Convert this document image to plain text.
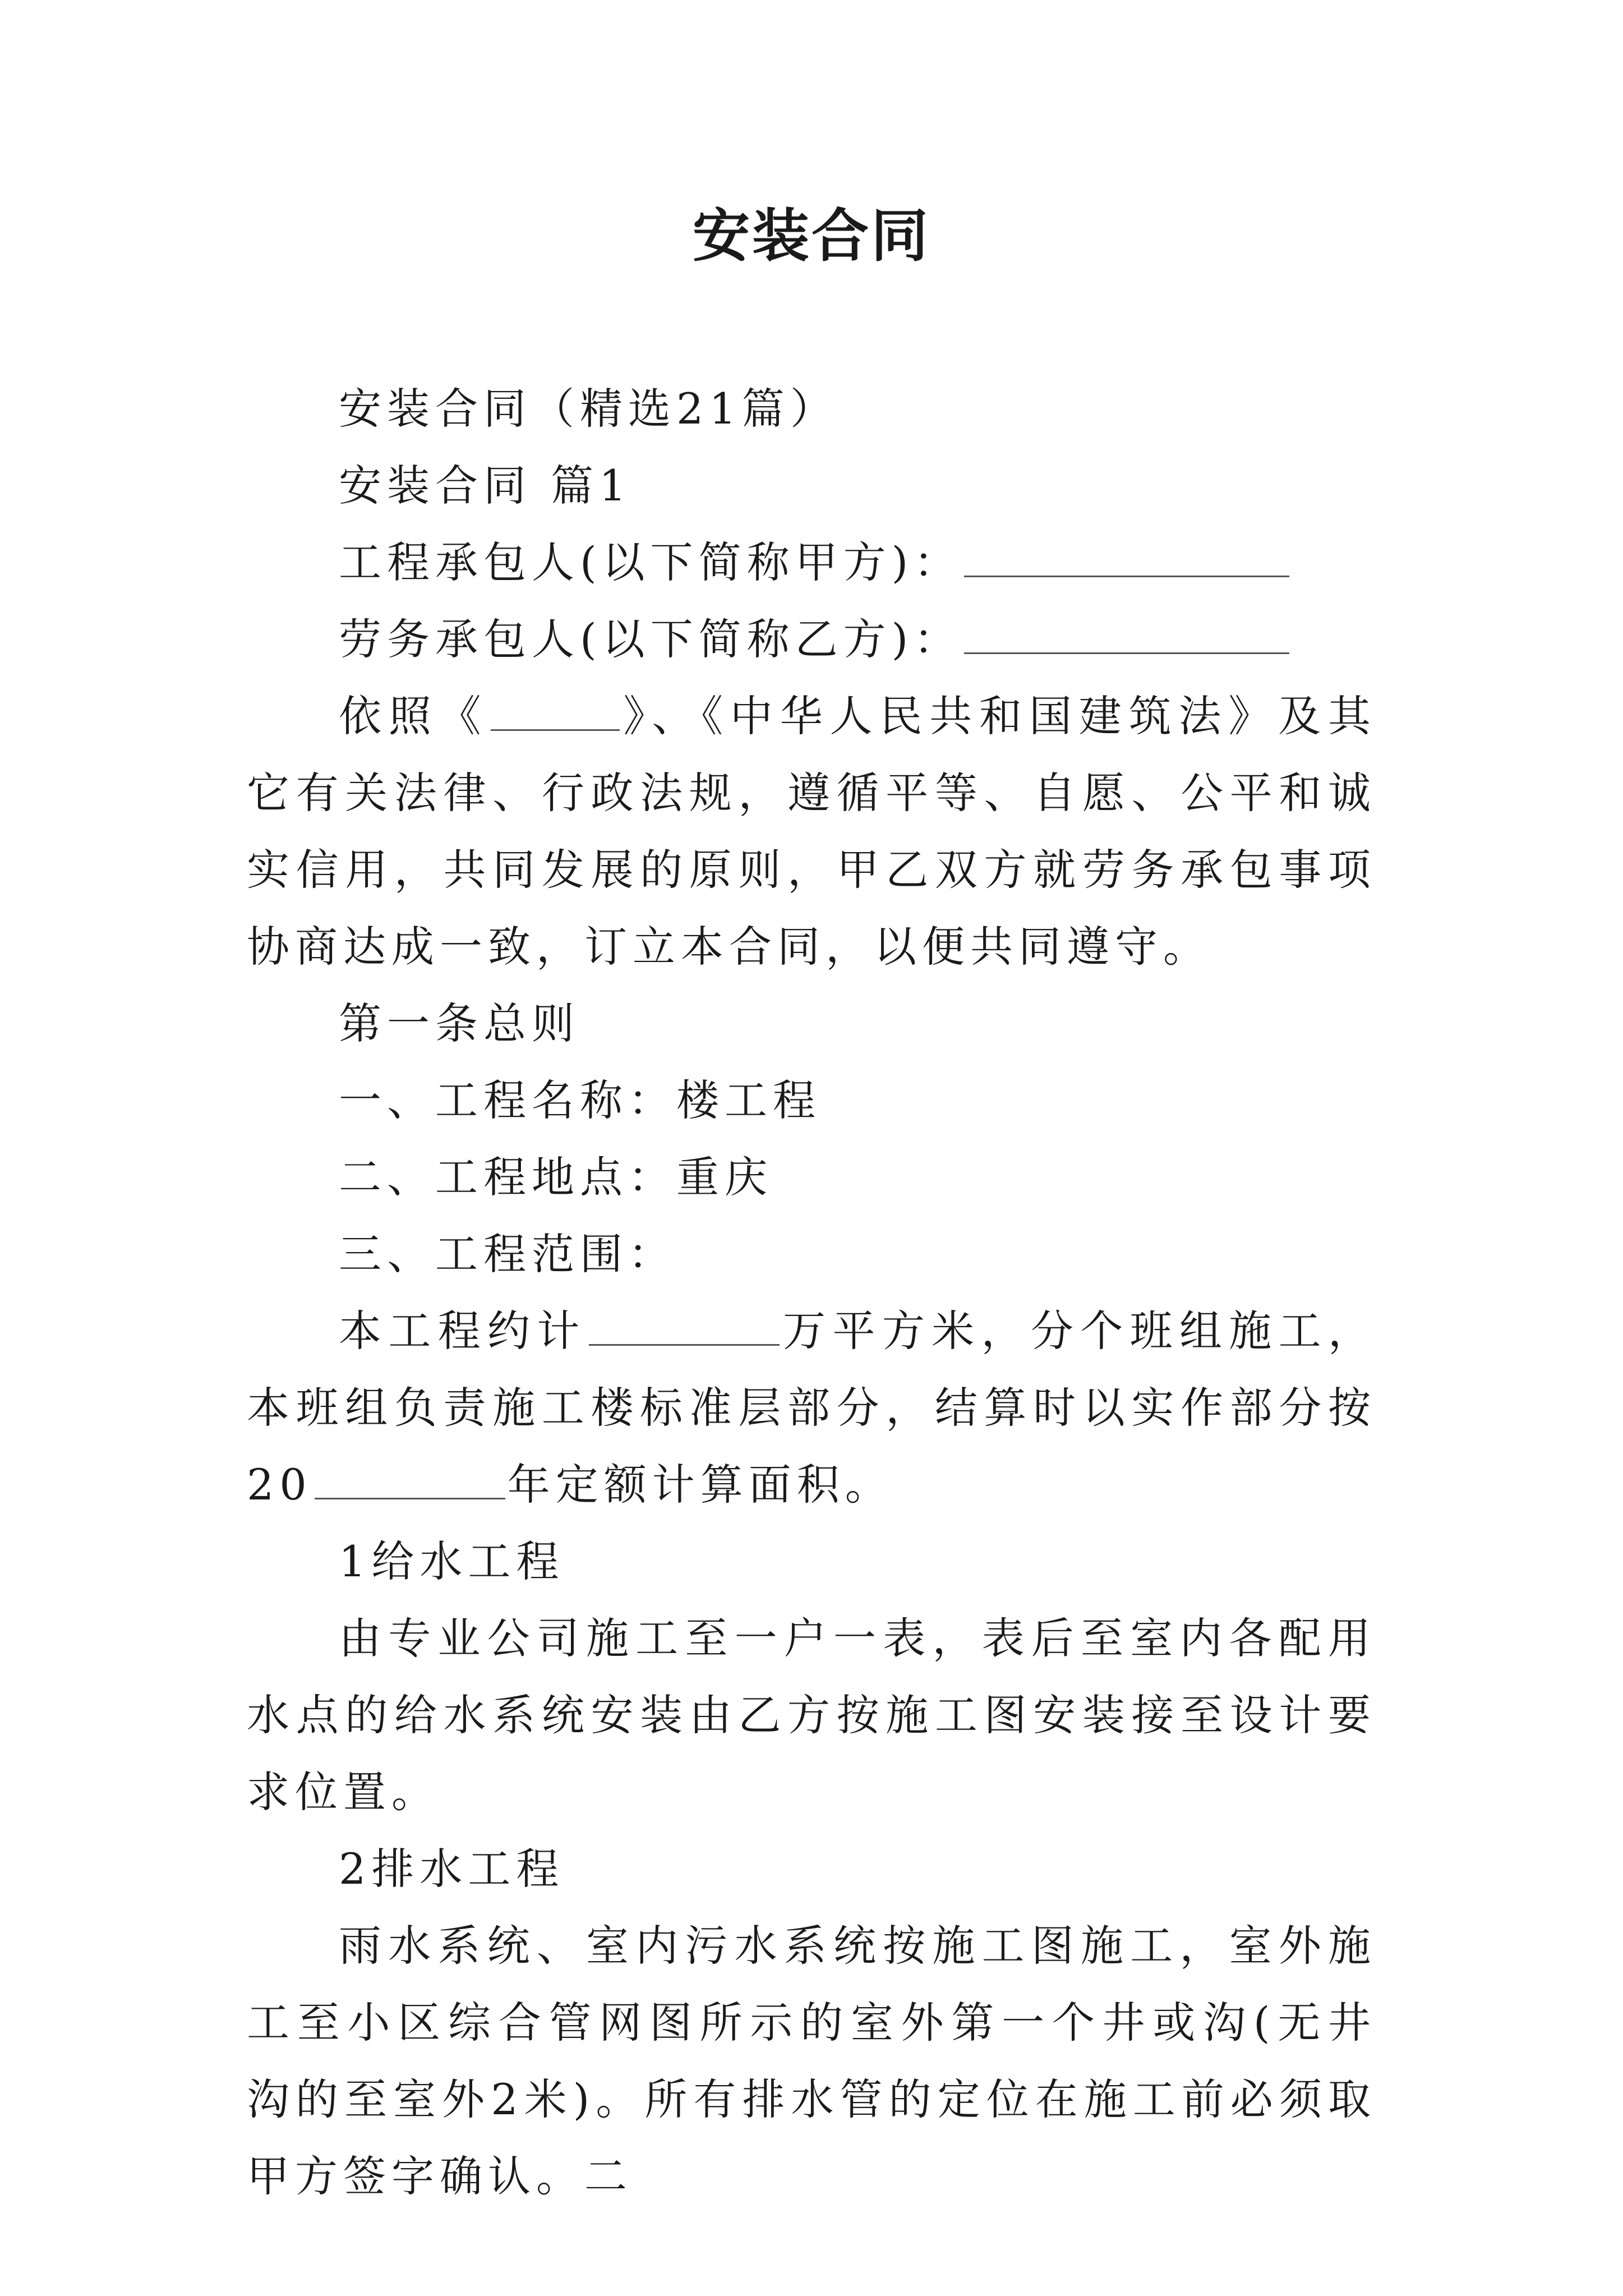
安装合同

安装合同（精选21篇）

安装合同 篇1

工程承包人(以下简称甲方)：

劳务承包人(以下简称乙方)：

依照《	》、《中华人民共和国建筑法》及其它有关法律、行政法规，遵循平等、自愿、公平和诚实信用，共同发展的原则，甲乙双方就劳务承包事项协商达成一致，订立本合同，以便共同遵守。

第一条总则

一、工程名称：楼工程

二、工程地点：重庆

三、工程范围：

本工程约计	万平方米，分个班组施工，本班组负责施工楼标准层部分，结算时以实作部分按20	年定额计算面积。

1给水工程

由专业公司施工至一户一表，表后至室内各配用水点的给水系统安装由乙方按施工图安装接至设计要求位置。

2排水工程

雨水系统、室内污水系统按施工图施工，室外施工至小区综合管网图所示的室外第一个井或沟(无井沟的至室外2米)。所有排水管的定位在施工前必须取甲方签字确认。二
